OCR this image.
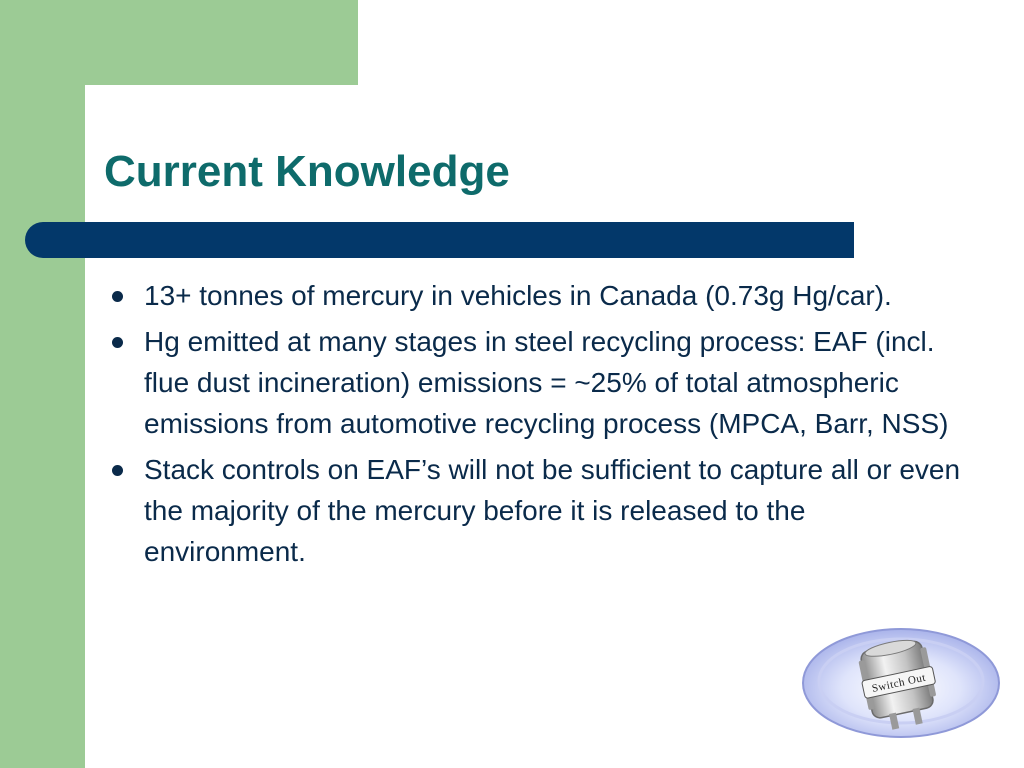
Current Knowledge
13+ tonnes of mercury in vehicles in Canada (0.73g Hg/car).
Hg emitted at many stages in steel recycling process: EAF (incl. flue dust incineration) emissions = ~25% of total atmospheric emissions from automotive recycling process (MPCA, Barr, NSS)
Stack controls on EAF’s will not be sufficient to capture all or even the majority of the mercury before it is released to the environment.
Switch Out
